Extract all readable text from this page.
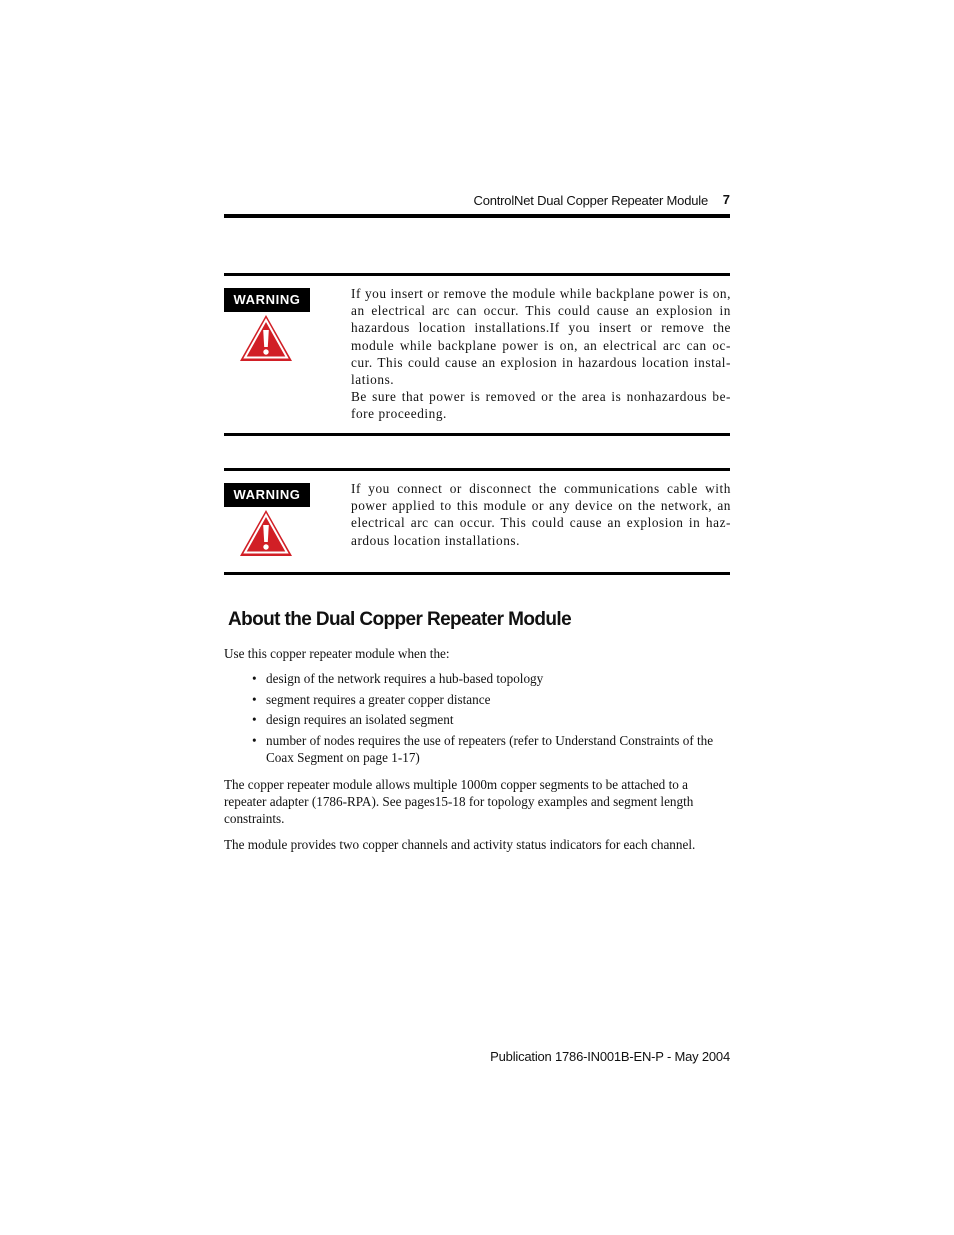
ControlNet Dual Copper Repeater Module 7
WARNING	If you insert or remove the module while backplane power is on, an electrical arc can occur. This could cause an explosion in hazardous location installations.If you insert or remove the module while backplane power is on, an electrical arc can oc-cur. This could cause an explosion in hazardous location instal-lations.

Be sure that power is removed or the area is nonhazardous be-fore proceeding.

WARNING	If you connect or disconnect the communications cable with power applied to this module or any device on the network, an electrical arc can occur. This could cause an explosion in haz-ardous location installations.

About the Dual Copper Repeater Module

Use this copper repeater module when the:

• design of the network requires a hub-based topology
• segment requires a greater copper distance
• design requires an isolated segment
• number of nodes requires the use of repeaters (refer to Understand Constraints of the Coax Segment on page 1-17)

The copper repeater module allows multiple 1000m copper segments to be attached to a repeater adapter (1786-RPA). See pages15-18 for topology examples and segment length constraints.

The module provides two copper channels and activity status indicators for each channel.

Publication 1786-IN001B-EN-P - May 2004
